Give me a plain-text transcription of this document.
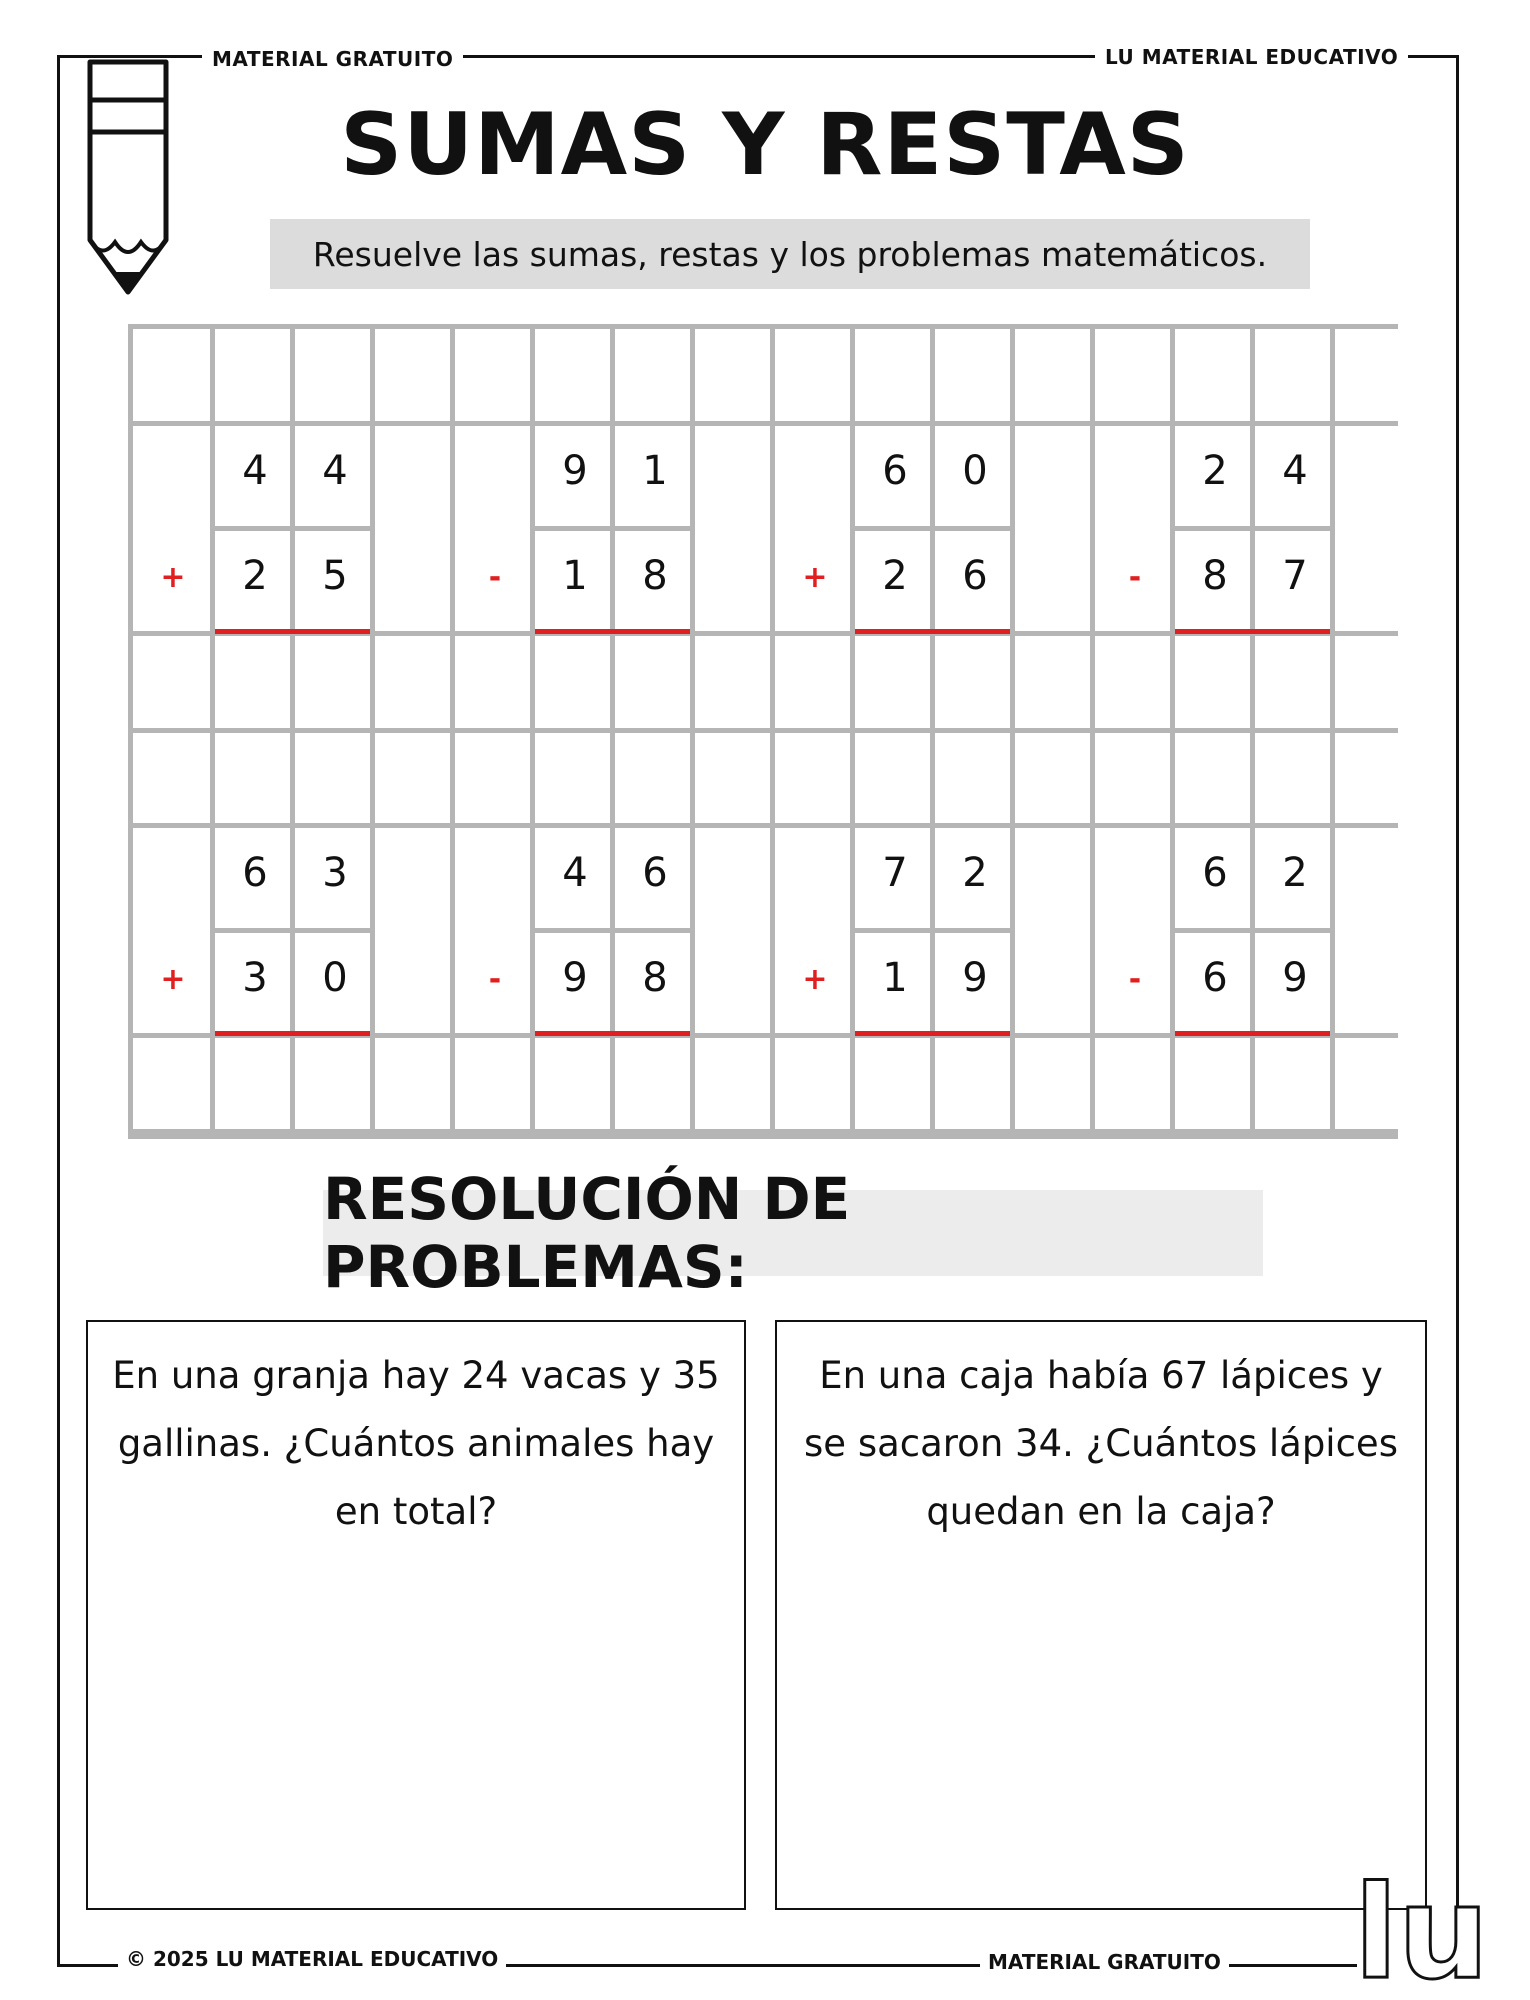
MATERIAL GRATUITO	LU MATERIAL EDUCATIVO
SUMAS Y RESTAS
Resuelve las sumas, restas y los problemas matemáticos.
4
2
4
5
+
9
1
1
8
-
6
2
0
6
+
2
8
4
7
-
6
3
3
0
+
4
9
6
8
-
7
1
2
9
+
6
6
2
9
-
RESOLUCIÓN DE PROBLEMAS:
En una granja hay 24 vacas y 35 gallinas. ¿Cuántos animales hay en total?
En una caja había 67 lápices y se sacaron 34. ¿Cuántos lápices quedan en la caja?
© 2025 LU MATERIAL EDUCATIVO	MATERIAL GRATUITO lu
